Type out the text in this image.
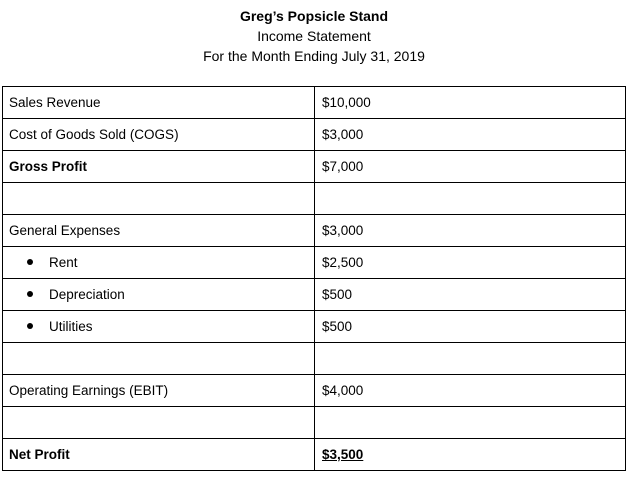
Greg’s Popsicle Stand
Income Statement
For the Month Ending July 31, 2019
Sales Revenue	$10,000
Cost of Goods Sold (COGS)	$3,000
Gross Profit	$7,000

General Expenses	$3,000
Rent	$2,500
Depreciation	$500
Utilities	$500

Operating Earnings (EBIT)	$4,000

Net Profit	$3,500
